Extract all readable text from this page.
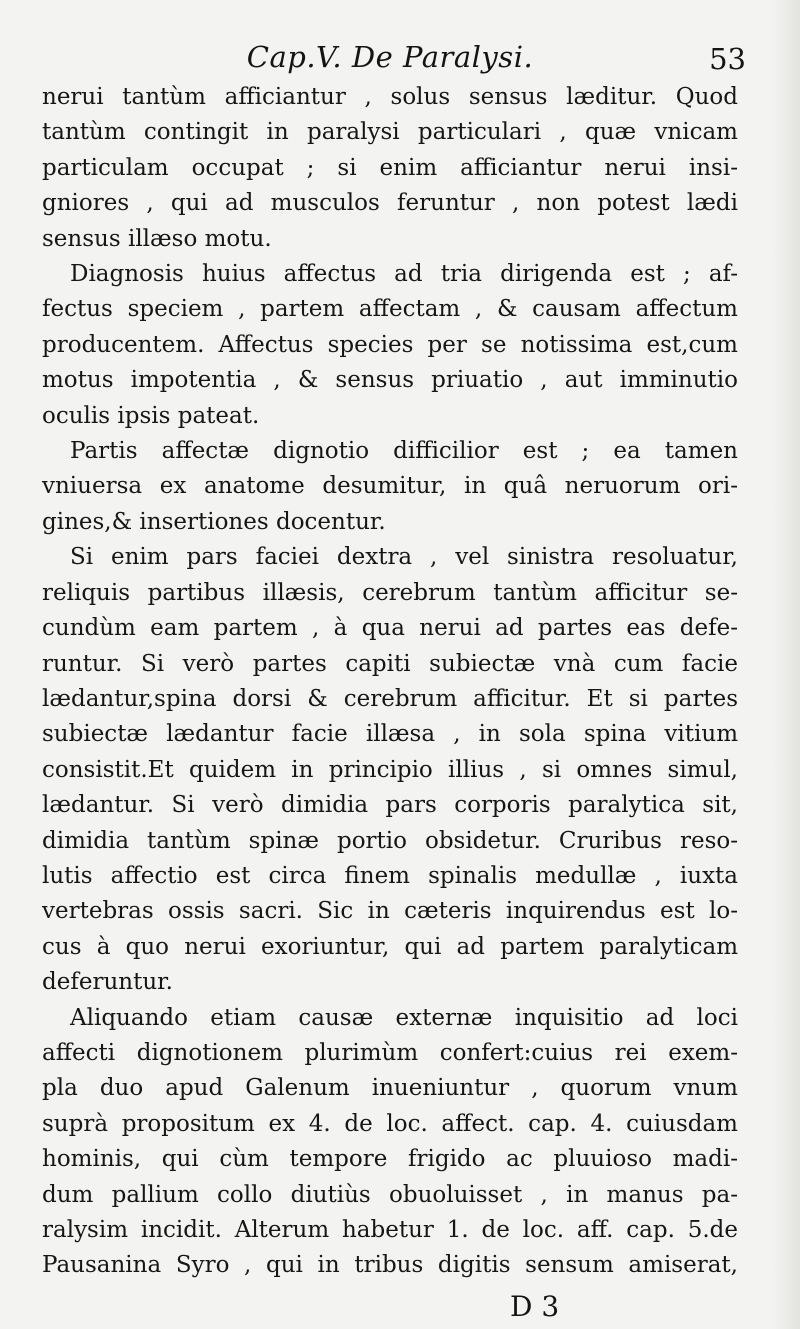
Cap.V. De Paralysi.	53
nerui tantùm afficiantur , solus sensus læditur. Quod
tantùm contingit in paralysi particulari , quæ vnicam
particulam occupat ; si enim afficiantur nerui insi-
gniores , qui ad musculos feruntur , non potest lædi
sensus illæso motu.
Diagnosis huius affectus ad tria dirigenda est ; af-
fectus speciem , partem affectam , & causam affectum
producentem. Affectus species per se notissima est,cum
motus impotentia , & sensus priuatio , aut imminutio
oculis ipsis pateat.
Partis affectæ dignotio difficilior est ; ea tamen
vniuersa ex anatome desumitur, in quâ neruorum ori-
gines,& insertiones docentur.
Si enim pars faciei dextra , vel sinistra resoluatur,
reliquis partibus illæsis, cerebrum tantùm afficitur se-
cundùm eam partem , à qua nerui ad partes eas defe-
runtur. Si verò partes capiti subiectæ vnà cum facie
lædantur,spina dorsi & cerebrum afficitur. Et si partes
subiectæ lædantur facie illæsa , in sola spina vitium
consistit.Et quidem in principio illius , si omnes simul,
lædantur. Si verò dimidia pars corporis paralytica sit,
dimidia tantùm spinæ portio obsidetur. Cruribus reso-
lutis affectio est circa finem spinalis medullæ , iuxta
vertebras ossis sacri. Sic in cæteris inquirendus est lo-
cus à quo nerui exoriuntur, qui ad partem paralyticam
deferuntur.
Aliquando etiam causæ externæ inquisitio ad loci
affecti dignotionem plurimùm confert:cuius rei exem-
pla duo apud Galenum inueniuntur , quorum vnum
suprà propositum ex 4. de loc. affect. cap. 4. cuiusdam
hominis, qui cùm tempore frigido ac pluuioso madi-
dum pallium collo diutiùs obuoluisset , in manus pa-
ralysim incidit. Alterum habetur 1. de loc. aff. cap. 5.de
Pausanina Syro , qui in tribus digitis sensum amiserat,
D 3
